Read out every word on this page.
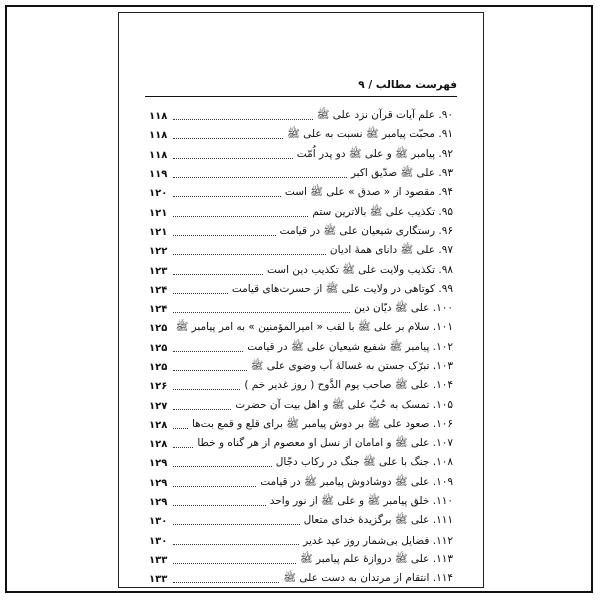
فهرست مطالب / ۹
۹۰. علم آیات قرآن نزد علی ﷺ
۱۱۸
۹۱. محبّت پیامبر ﷺ نسبت به علی ﷺ
۱۱۸
۹۲. پیامبر ﷺ و علی ﷺ دو پدر اُمّت
۱۱۸
۹۳. علی ﷺ صدّیق اکبر
۱۱۹
۹۴. مقصود از « صدق » علی ﷺ است
۱۲۰
۹۵. تکذیب علی ﷺ بالاترین ستم
۱۲۱
۹۶. رستگاری شیعیان علی ﷺ در قیامت
۱۲۱
۹۷. علی ﷺ دانای همهٔ ادیان
۱۲۲
۹۸. تکذیب ولایت علی ﷺ تکذیب دین است
۱۲۳
۹۹. کوتاهی در ولایت علی ﷺ از حسرت‌های قیامت
۱۲۴
۱۰۰. علی ﷺ دیّان دین
۱۲۴
۱۰۱. سلام بر علی ﷺ با لقب « امیرالمؤمنین » به امر پیامبر ﷺ
۱۲۵
۱۰۲. پیامبر ﷺ شفیع شیعیان علی ﷺ در قیامت
۱۲۵
۱۰۳. تبرّک جستن به غسالهٔ آب وضوی علی ﷺ
۱۲۵
۱۰۴. علی ﷺ صاحب یوم الدَّوح ( روز غدیر خم )
۱۲۶
۱۰۵. تمسک به حُبّ علی ﷺ و اهل بیت آن حضرت
۱۲۷
۱۰۶. صعود علی ﷺ بر دوش پیامبر ﷺ برای قلع و قمع بت‌ها
۱۲۸
۱۰۷. علی ﷺ و امامان از نسل او معصوم از هر گناه و خطا
۱۲۸
۱۰۸. جنگ با علی ﷺ جنگ در رکاب دجّال
۱۲۹
۱۰۹. علی ﷺ دوشادوش پیامبر ﷺ در قیامت
۱۲۹
۱۱۰. خلق پیامبر ﷺ و علی ﷺ از نور واحد
۱۲۹
۱۱۱. علی ﷺ برگزیدهٔ خدای متعال
۱۳۰
۱۱۲. فضایل بی‌شمار روز عید غدیر
۱۳۰
۱۱۳. علی ﷺ دروازهٔ علم پیامبر ﷺ
۱۳۳
۱۱۴. انتقام از مرتدان به دست علی ﷺ
۱۳۳
